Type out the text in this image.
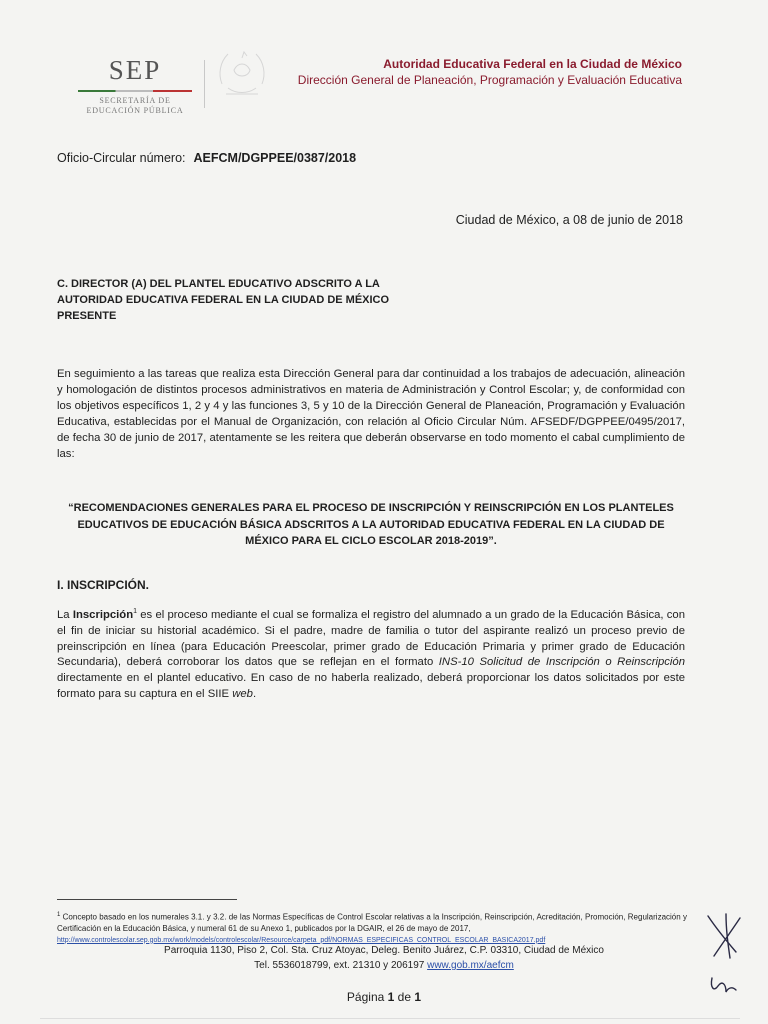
SEP
SECRETARÍA DE
EDUCACIÓN PÚBLICA
Autoridad Educativa Federal en la Ciudad de México
Dirección General de Planeación, Programación y Evaluación Educativa
Oficio-Circular número: AEFCM/DGPPEE/0387/2018
Ciudad de México, a 08 de junio de 2018
C. DIRECTOR (A) DEL PLANTEL EDUCATIVO ADSCRITO A LA
AUTORIDAD EDUCATIVA FEDERAL EN LA CIUDAD DE MÉXICO
PRESENTE
En seguimiento a las tareas que realiza esta Dirección General para dar continuidad a los trabajos de adecuación, alineación y homologación de distintos procesos administrativos en materia de Administración y Control Escolar; y, de conformidad con los objetivos específicos 1, 2 y 4 y las funciones 3, 5 y 10 de la Dirección General de Planeación, Programación y Evaluación Educativa, establecidas por el Manual de Organización, con relación al Oficio Circular Núm. AFSEDF/DGPPEE/0495/2017, de fecha 30 de junio de 2017, atentamente se les reitera que deberán observarse en todo momento el cabal cumplimiento de las:
“RECOMENDACIONES GENERALES PARA EL PROCESO DE INSCRIPCIÓN Y REINSCRIPCIÓN EN LOS PLANTELES EDUCATIVOS DE EDUCACIÓN BÁSICA ADSCRITOS A LA AUTORIDAD EDUCATIVA FEDERAL EN LA CIUDAD DE MÉXICO PARA EL CICLO ESCOLAR 2018-2019”.
I. INSCRIPCIÓN.
La Inscripción$^1$ es el proceso mediante el cual se formaliza el registro del alumnado a un grado de la Educación Básica, con el fin de iniciar su historial académico. Si el padre, madre de familia o tutor del aspirante realizó un proceso previo de preinscripción en línea (para Educación Preescolar, primer grado de Educación Primaria y primer grado de Educación Secundaria), deberá corroborar los datos que se reflejan en el formato INS-10 Solicitud de Inscripción o Reinscripción directamente en el plantel educativo. En caso de no haberla realizado, deberá proporcionar los datos solicitados por este formato para su captura en el SIIE web.
$^1$ Concepto basado en los numerales 3.1. y 3.2. de las Normas Específicas de Control Escolar relativas a la Inscripción, Reinscripción, Acreditación, Promoción, Regularización y Certificación en la Educación Básica, y numeral 61 de su Anexo 1, publicados por la DGAIR, el 26 de mayo de 2017,
http://www.controlescolar.sep.gob.mx/work/models/controlescolar/Resource/carpeta_pdf/NORMAS_ESPECIFICAS_CONTROL_ESCOLAR_BASICA2017.pdf
Parroquia 1130, Piso 2, Col. Sta. Cruz Atoyac, Deleg. Benito Juárez, C.P. 03310, Ciudad de México
Tel. 5536018799, ext. 21310 y 206197 www.gob.mx/aefcm
Página 1 de 1
